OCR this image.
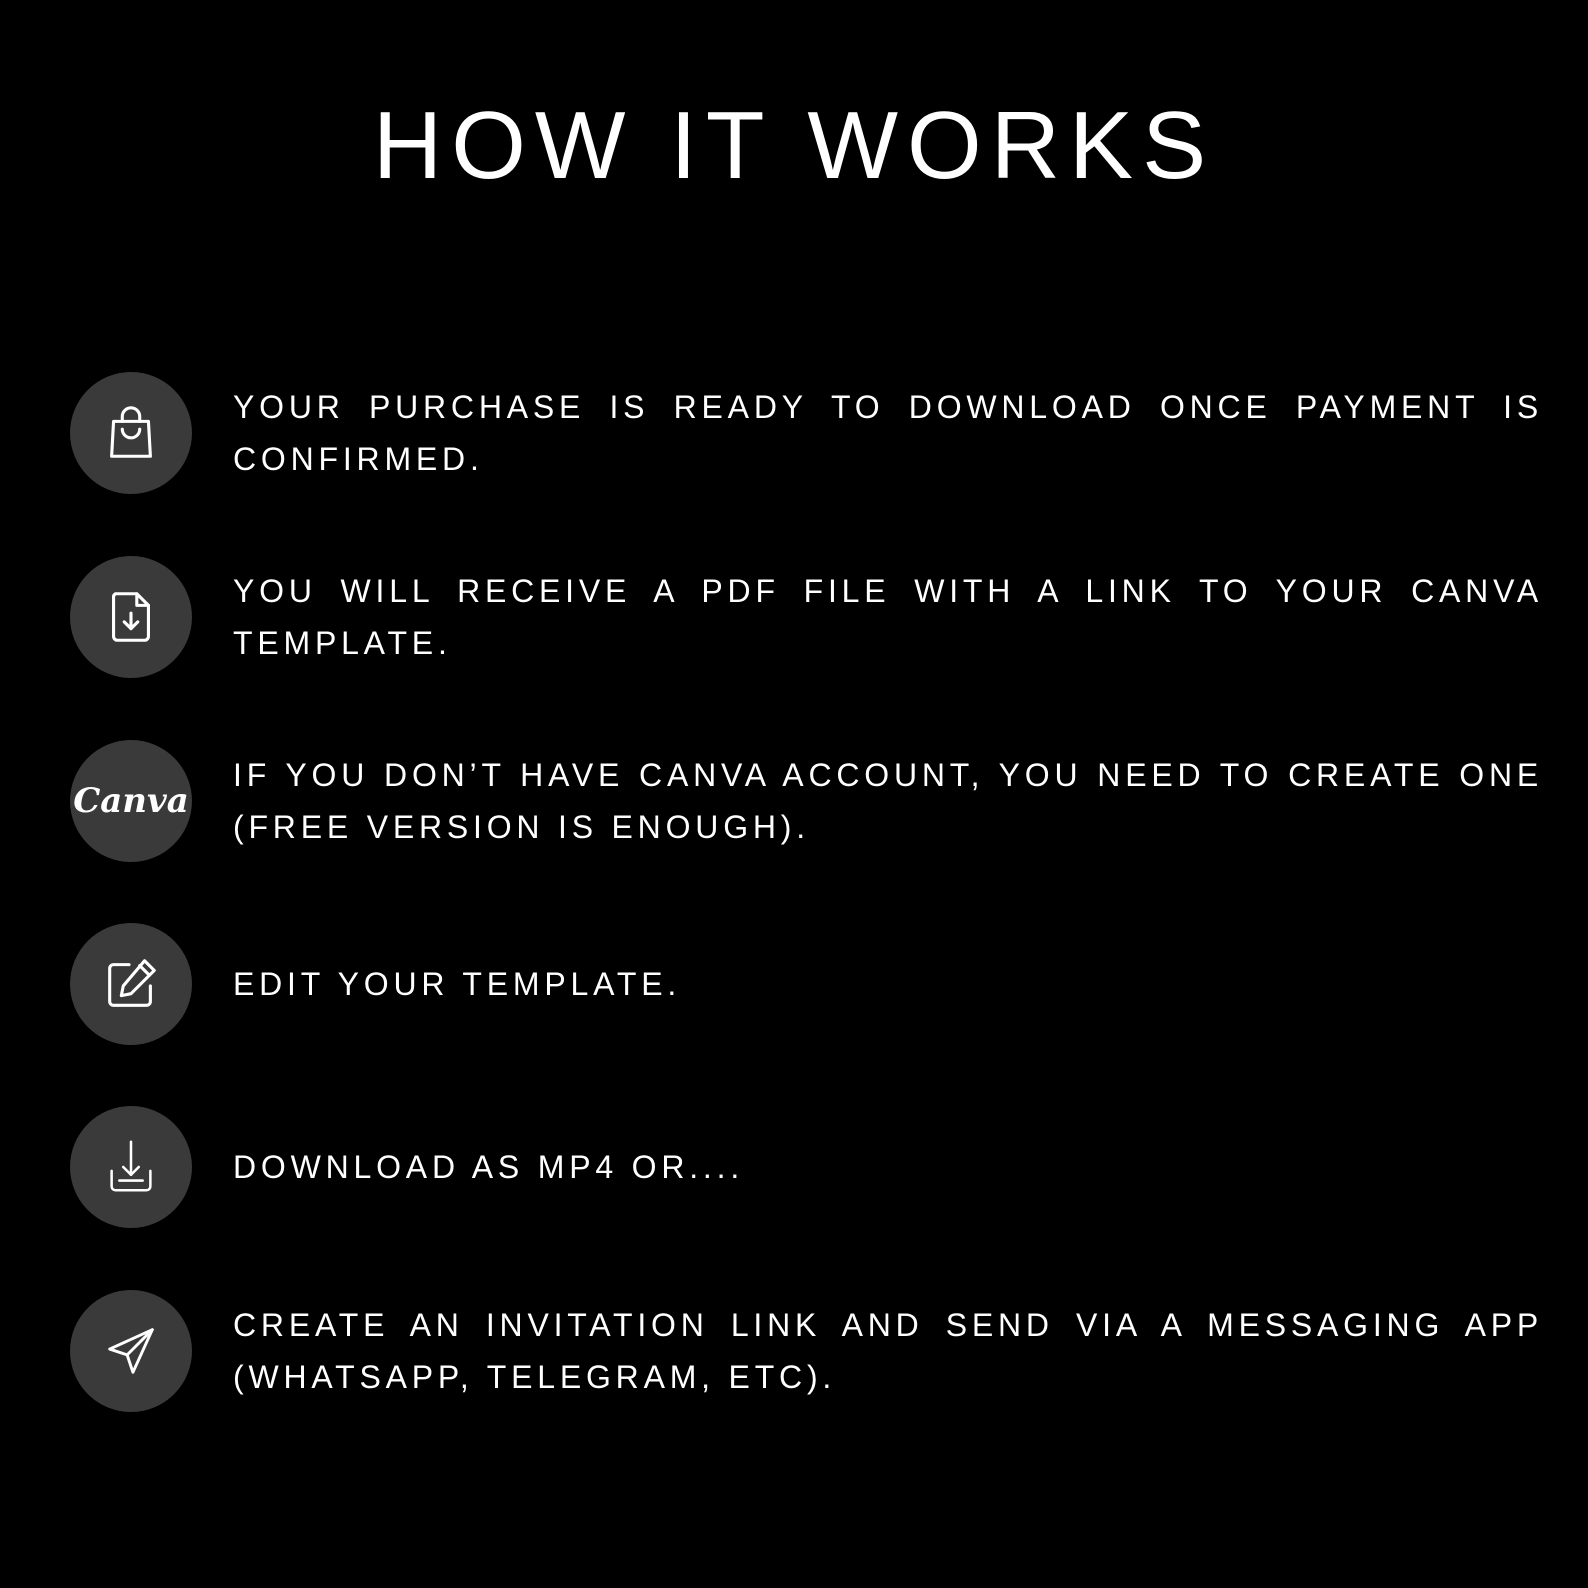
HOW IT WORKS
YOUR PURCHASE IS READY TO DOWNLOAD ONCE PAYMENT IS CONFIRMED.
YOU WILL RECEIVE A PDF FILE WITH A LINK TO YOUR CANVA TEMPLATE.
Canva
IF YOU DON’T HAVE CANVA ACCOUNT, YOU NEED TO CREATE ONE (FREE VERSION IS ENOUGH).
EDIT YOUR TEMPLATE.
DOWNLOAD AS MP4 OR....
CREATE AN INVITATION LINK AND SEND VIA A MESSAGING APP (WHATSAPP, TELEGRAM, ETC).
